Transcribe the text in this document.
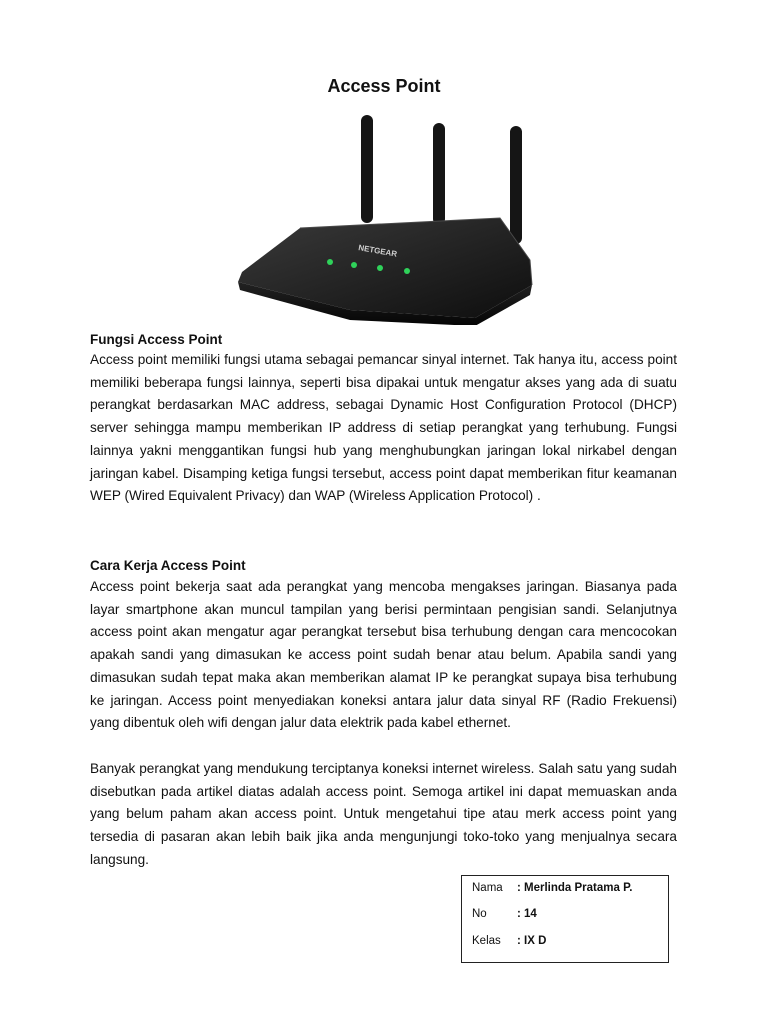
Access Point
NETGEAR
Fungsi Access Point

Access point memiliki fungsi utama sebagai pemancar sinyal internet. Tak hanya itu, access point memiliki beberapa fungsi lainnya, seperti bisa dipakai untuk mengatur akses yang ada di suatu perangkat berdasarkan MAC address, sebagai Dynamic Host Configuration Protocol (DHCP) server sehingga mampu memberikan IP address di setiap perangkat yang terhubung. Fungsi lainnya yakni menggantikan fungsi hub yang menghubungkan jaringan lokal nirkabel dengan jaringan kabel. Disamping ketiga fungsi tersebut, access point dapat memberikan fitur keamanan WEP (Wired Equivalent Privacy) dan WAP (Wireless Application Protocol) .

Cara Kerja Access Point

Access point bekerja saat ada perangkat yang mencoba mengakses jaringan. Biasanya pada layar smartphone akan muncul tampilan yang berisi permintaan pengisian sandi. Selanjutnya access point akan mengatur agar perangkat tersebut bisa terhubung dengan cara mencocokan apakah sandi yang dimasukan ke access point sudah benar atau belum. Apabila sandi yang dimasukan sudah tepat maka akan memberikan alamat IP ke perangkat supaya bisa terhubung ke jaringan. Access point menyediakan koneksi antara jalur data sinyal RF (Radio Frekuensi) yang dibentuk oleh wifi dengan jalur data elektrik pada kabel ethernet.

Banyak perangkat yang mendukung terciptanya koneksi internet wireless. Salah satu yang sudah disebutkan pada artikel diatas adalah access point. Semoga artikel ini dapat memuaskan anda yang belum paham akan access point. Untuk mengetahui tipe atau merk access point yang tersedia di pasaran akan lebih baik jika anda mengunjungi toko-toko yang menjualnya secara langsung.

Nama : Merlinda Pratama P.
No	: 14
Kelas : IX D
